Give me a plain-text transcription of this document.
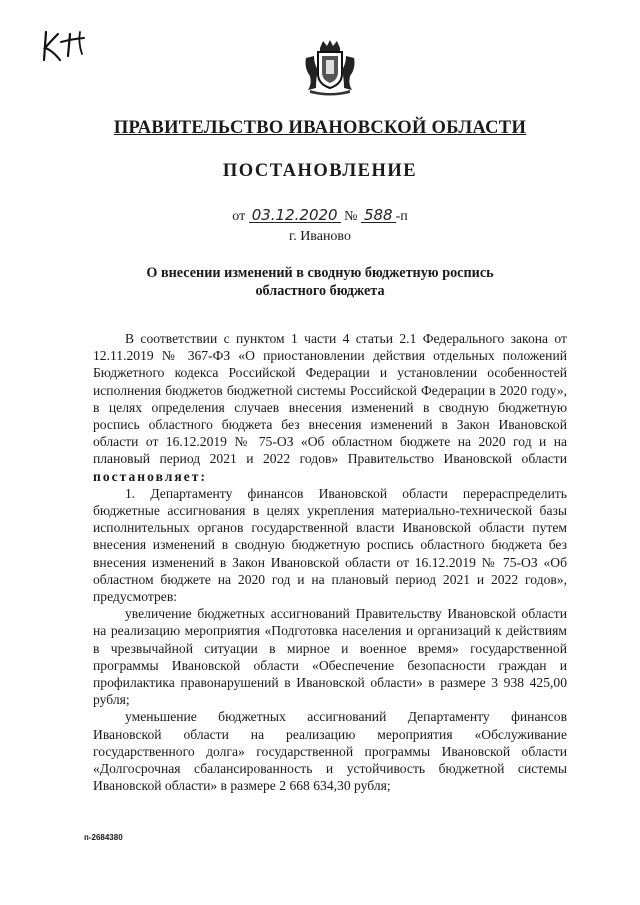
ПРАВИТЕЛЬСТВО ИВАНОВСКОЙ ОБЛАСТИ
ПОСТАНОВЛЕНИЕ
от 03.12.2020 № 588 -п
г. Иваново
О внесении изменений в сводную бюджетную роспись
областного бюджета

В соответствии с пунктом 1 части 4 статьи 2.1 Федерального закона от 12.11.2019 № 367-ФЗ «О приостановлении действия отдельных положений Бюджетного кодекса Российской Федерации и установлении особенностей исполнения бюджетов бюджетной системы Российской Федерации в 2020 году», в целях определения случаев внесения изменений в сводную бюджетную роспись областного бюджета без внесения изменений в Закон Ивановской области от 16.12.2019 № 75-ОЗ «Об областном бюджете на 2020 год и на плановый период 2021 и 2022 годов» Правительство Ивановской области постановляет:

1. Департаменту финансов Ивановской области перераспределить бюджетные ассигнования в целях укрепления материально-технической базы исполнительных органов государственной власти Ивановской области путем внесения изменений в сводную бюджетную роспись областного бюджета без внесения изменений в Закон Ивановской области от 16.12.2019 № 75-ОЗ «Об областном бюджете на 2020 год и на плановый период 2021 и 2022 годов», предусмотрев:

увеличение бюджетных ассигнований Правительству Ивановской области на реализацию мероприятия «Подготовка населения и организаций к действиям в чрезвычайной ситуации в мирное и военное время» государственной программы Ивановской области «Обеспечение безопасности граждан и профилактика правонарушений в Ивановской области» в размере 3 938 425,00 рубля;

уменьшение бюджетных ассигнований Департаменту финансов Ивановской области на реализацию мероприятия «Обслуживание государственного долга» государственной программы Ивановской области «Долгосрочная сбалансированность и устойчивость бюджетной системы Ивановской области» в размере 2 668 634,30 рубля;

п-2684380
